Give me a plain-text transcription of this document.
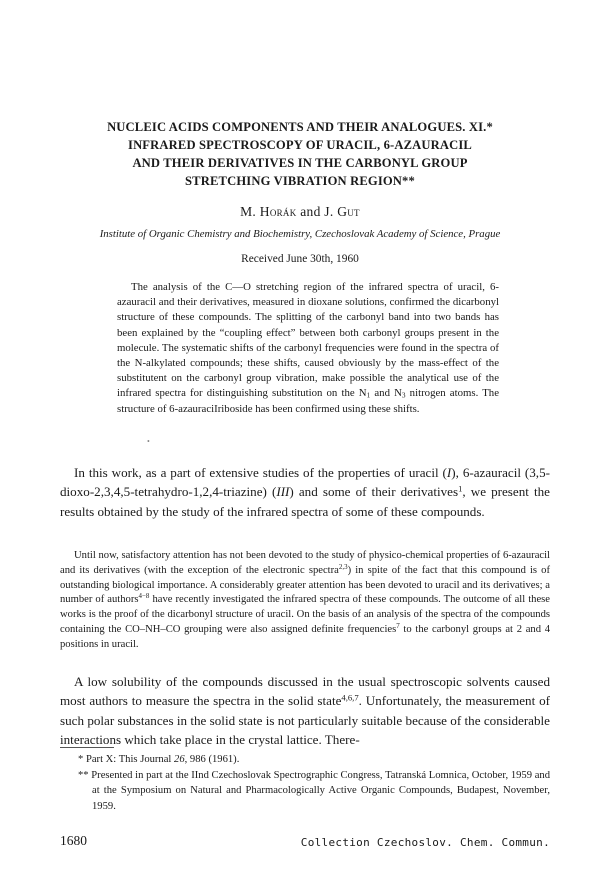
NUCLEIC ACIDS COMPONENTS AND THEIR ANALOGUES. XI.*
INFRARED SPECTROSCOPY OF URACIL, 6-AZAURACIL
AND THEIR DERIVATIVES IN THE CARBONYL GROUP
STRETCHING VIBRATION REGION**
M. Horák and J. Gut
Institute of Organic Chemistry and Biochemistry, Czechoslovak Academy of Science, Prague
Received June 30th, 1960

The analysis of the C—O stretching region of the infrared spectra of uracil, 6-azauracil and their derivatives, measured in dioxane solutions, confirmed the dicarbonyl structure of these compounds. The splitting of the carbonyl band into two bands has been explained by the “coupling effect” between both carbonyl groups present in the molecule. The systematic shifts of the carbonyl frequencies were found in the spectra of the N-alkylated compounds; these shifts, caused obviously by the mass-effect of the substitutent on the carbonyl group vibration, make possible the analytical use of the infrared spectra for distinguishing substitution on the $N_1$ and $N_3$ nitrogen atoms. The structure of 6-azauraciIriboside has been confirmed using these shifts.

•

In this work, as a part of extensive studies of the properties of uracil (I), 6-azauracil (3,5-dioxo-2,3,4,5-tetrahydro-1,2,4-triazine) (III) and some of their derivatives$^1$, we present the results obtained by the study of the infrared spectra of some of these compounds.

Until now, satisfactory attention has not been devoted to the study of physico-chemical properties of 6-azauracil and its derivatives (with the exception of the electronic spectra$^{2,3}$) in spite of the fact that this compound is of outstanding biological importance. A considerably greater attention has been devoted to uracil and its derivatives; a number of authors$^{4-8}$ have recently investigated the infrared spectra of these compounds. The outcome of all these works is the proof of the dicarbonyl structure of uracil. On the basis of an analysis of the spectra of the compounds containing the CO–NH–CO grouping were also assigned definite frequencies$^7$ to the carbonyl groups at 2 and 4 positions in uracil.

A low solubility of the compounds discussed in the usual spectroscopic solvents caused most authors to measure the spectra in the solid state$^{4,6,7}$. Unfortunately, the measurement of such polar substances in the solid state is not particularly suitable because of the considerable interactions which take place in the crystal lattice. There-

* Part X: This Journal 26, 986 (1961).

** Presented in part at the IInd Czechoslovak Spectrographic Congress, Tatranská Lomnica, October, 1959 and at the Symposium on Natural and Pharmacologically Active Organic Compounds, Budapest, November, 1959.

1680	Collection Czechoslov. Chem. Commun.
